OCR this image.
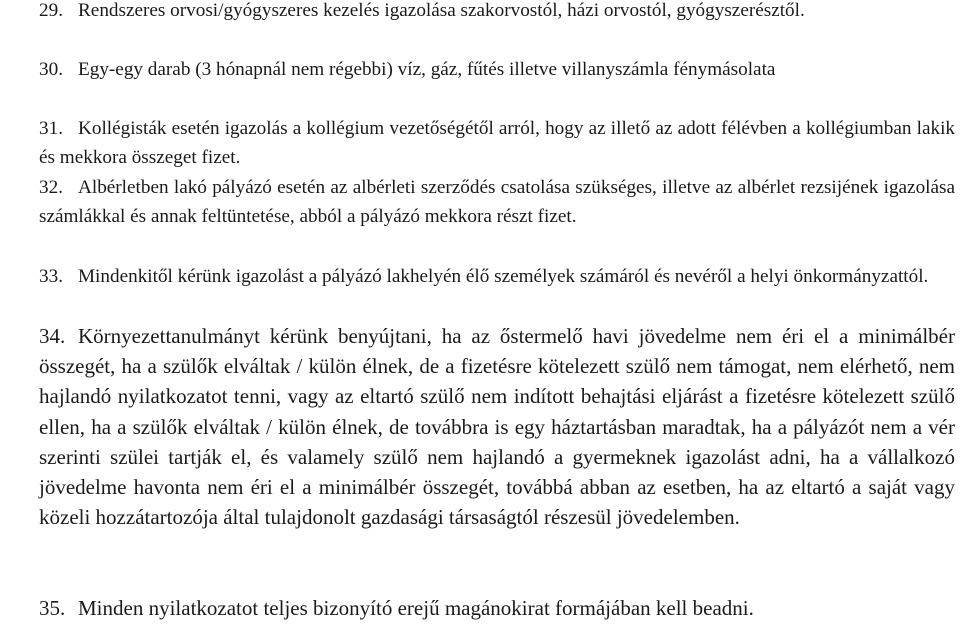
29. Rendszeres orvosi/gyógyszeres kezelés igazolása szakorvostól, házi orvostól, gyógyszerésztől.

30. Egy-egy darab (3 hónapnál nem régebbi) víz, gáz, fűtés illetve villanyszámla fénymásolata

31. Kollégisták esetén igazolás a kollégium vezetőségétől arról, hogy az illető az adott félévben a kollégiumban lakik és mekkora összeget fizet.

32. Albérletben lakó pályázó esetén az albérleti szerződés csatolása szükséges, illetve az albérlet rezsijének igazolása számlákkal és annak feltüntetése, abból a pályázó mekkora részt fizet.

33. Mindenkitől kérünk igazolást a pályázó lakhelyén élő személyek számáról és nevéről a helyi önkormányzattól.

34. Környezettanulmányt kérünk benyújtani, ha az őstermelő havi jövedelme nem éri el a minimálbér összegét, ha a szülők elváltak / külön élnek, de a fizetésre kötelezett szülő nem támogat, nem elérhető, nem hajlandó nyilatkozatot tenni, vagy az eltartó szülő nem indított behajtási eljárást a fizetésre kötelezett szülő ellen, ha a szülők elváltak / külön élnek, de továbbra is egy háztartásban maradtak, ha a pályázót nem a vér szerinti szülei tartják el, és valamely szülő nem hajlandó a gyermeknek igazolást adni, ha a vállalkozó jövedelme havonta nem éri el a minimálbér összegét, továbbá abban az esetben, ha az eltartó a saját vagy közeli hozzátartozója által tulajdonolt gazdasági társaságtól részesül jövedelemben.

35. Minden nyilatkozatot teljes bizonyító erejű magánokirat formájában kell beadni.
